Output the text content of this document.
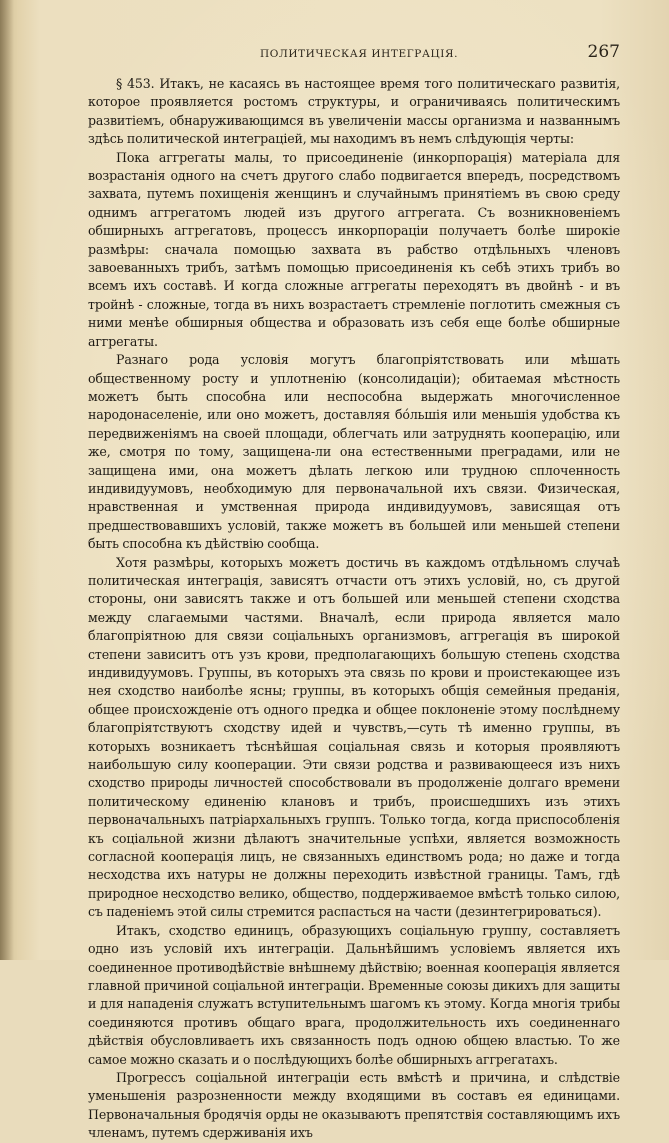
ПОЛИТИЧЕСКАЯ ИНТЕГРАЦІЯ.	267

§ 453. Итакъ, не касаясь въ настоящее время того политическаго развитія, которое проявляется ростомъ структуры, и ограничиваясь политическимъ развитіемъ, обнаруживающимся въ увеличеніи массы организма и названнымъ здѣсь политической интеграціей, мы находимъ въ немъ слѣдующія черты:

Пока аггрегаты малы, то присоединеніе (инкорпорація) матеріала для возрастанія одного на счетъ другого слабо подвигается впередъ, посредствомъ захвата, путемъ похищенія женщинъ и случайнымъ принятіемъ въ свою среду однимъ аггрегатомъ людей изъ другого аггрегата. Съ возникновеніемъ обширныхъ аггрегатовъ, процессъ инкорпораціи получаетъ болѣе широкіе размѣры: сначала помощью захвата въ рабство отдѣльныхъ членовъ завоеванныхъ трибъ, затѣмъ помощью присоединенія къ себѣ этихъ трибъ во всемъ ихъ составѣ. И когда сложные аггрегаты переходятъ въ двойнѣ - и въ тройнѣ - сложные, тогда въ нихъ возрастаетъ стремленіе поглотить смежныя съ ними менѣе обширныя общества и образовать изъ себя еще болѣе обширные аггрегаты.

Разнаго рода условія могутъ благопріятствовать или мѣшать общественному росту и уплотненію (консолидаціи); обитаемая мѣстность можетъ быть способна или неспособна выдержать многочисленное народонаселеніе, или оно можетъ, доставляя бо́льшія или меньшія удобства къ передвиженіямъ на своей площади, облегчать или затруднять кооперацію, или же, смотря по тому, защищена-ли она естественными преградами, или не защищена ими, она можетъ дѣлать легкою или трудною сплоченность индивидуумовъ, необходимую для первоначальной ихъ связи. Физическая, нравственная и умственная природа индивидуумовъ, зависящая отъ предшествовавшихъ условій, также можетъ въ большей или меньшей степени быть способна къ дѣйствію сообща.

Хотя размѣры, которыхъ можетъ достичь въ каждомъ отдѣльномъ случаѣ политическая интеграція, зависятъ отчасти отъ этихъ условій, но, съ другой стороны, они зависятъ также и отъ большей или меньшей степени сходства между слагаемыми частями. Вначалѣ, если природа является мало благопріятною для связи соціальныхъ организмовъ, аггрегація въ широкой степени зависитъ отъ узъ крови, предполагающихъ большую степень сходства индивидуумовъ. Группы, въ которыхъ эта связь по крови и проистекающее изъ нея сходство наиболѣе ясны; группы, въ которыхъ общія семейныя преданія, общее происхожденіе отъ одного предка и общее поклоненіе этому послѣднему благопріятствуютъ сходству идей и чувствъ,—суть тѣ именно группы, въ которыхъ возникаетъ тѣснѣйшая соціальная связь и которыя проявляютъ наибольшую силу кооперации. Эти связи родства и развивающееся изъ нихъ сходство природы личностей способствовали въ продолженіе долгаго времени политическому единенію клановъ и трибъ, происшедшихъ изъ этихъ первоначальныхъ патріархальныхъ группъ. Только тогда, когда приспособленія къ соціальной жизни дѣлаютъ значительные успѣхи, является возможность согласной кооперація лицъ, не связанныхъ единствомъ рода; но даже и тогда несходства ихъ натуры не должны переходить извѣстной границы. Тамъ, гдѣ природное несходство велико, общество, поддерживаемое вмѣстѣ только силою, съ паденіемъ этой силы стремится распасться на части (дезинтегрироваться).

Итакъ, сходство единицъ, образующихъ соціальную группу, составляетъ одно изъ условій ихъ интеграціи. Дальнѣйшимъ условіемъ является ихъ соединенное противодѣйствіе внѣшнему дѣйствію; военная кооперація является главной причиной соціальной интеграціи. Временные союзы дикихъ для защиты и для нападенія служатъ вступительнымъ шагомъ къ этому. Когда многія трибы соединяются противъ общаго врага, продолжительность ихъ соединеннаго дѣйствія обусловливаетъ ихъ связанность подъ одною общею властью. То же самое можно сказать и о послѣдующихъ болѣе обширныхъ аггрегатахъ.

Прогрессъ соціальной интеграціи есть вмѣстѣ и причина, и слѣдствіе уменьшенія разрозненности между входящими въ составъ ея единицами. Первоначальныя бродячія орды не оказываютъ препятствія составляющимъ ихъ членамъ, путемъ сдерживанія ихъ
